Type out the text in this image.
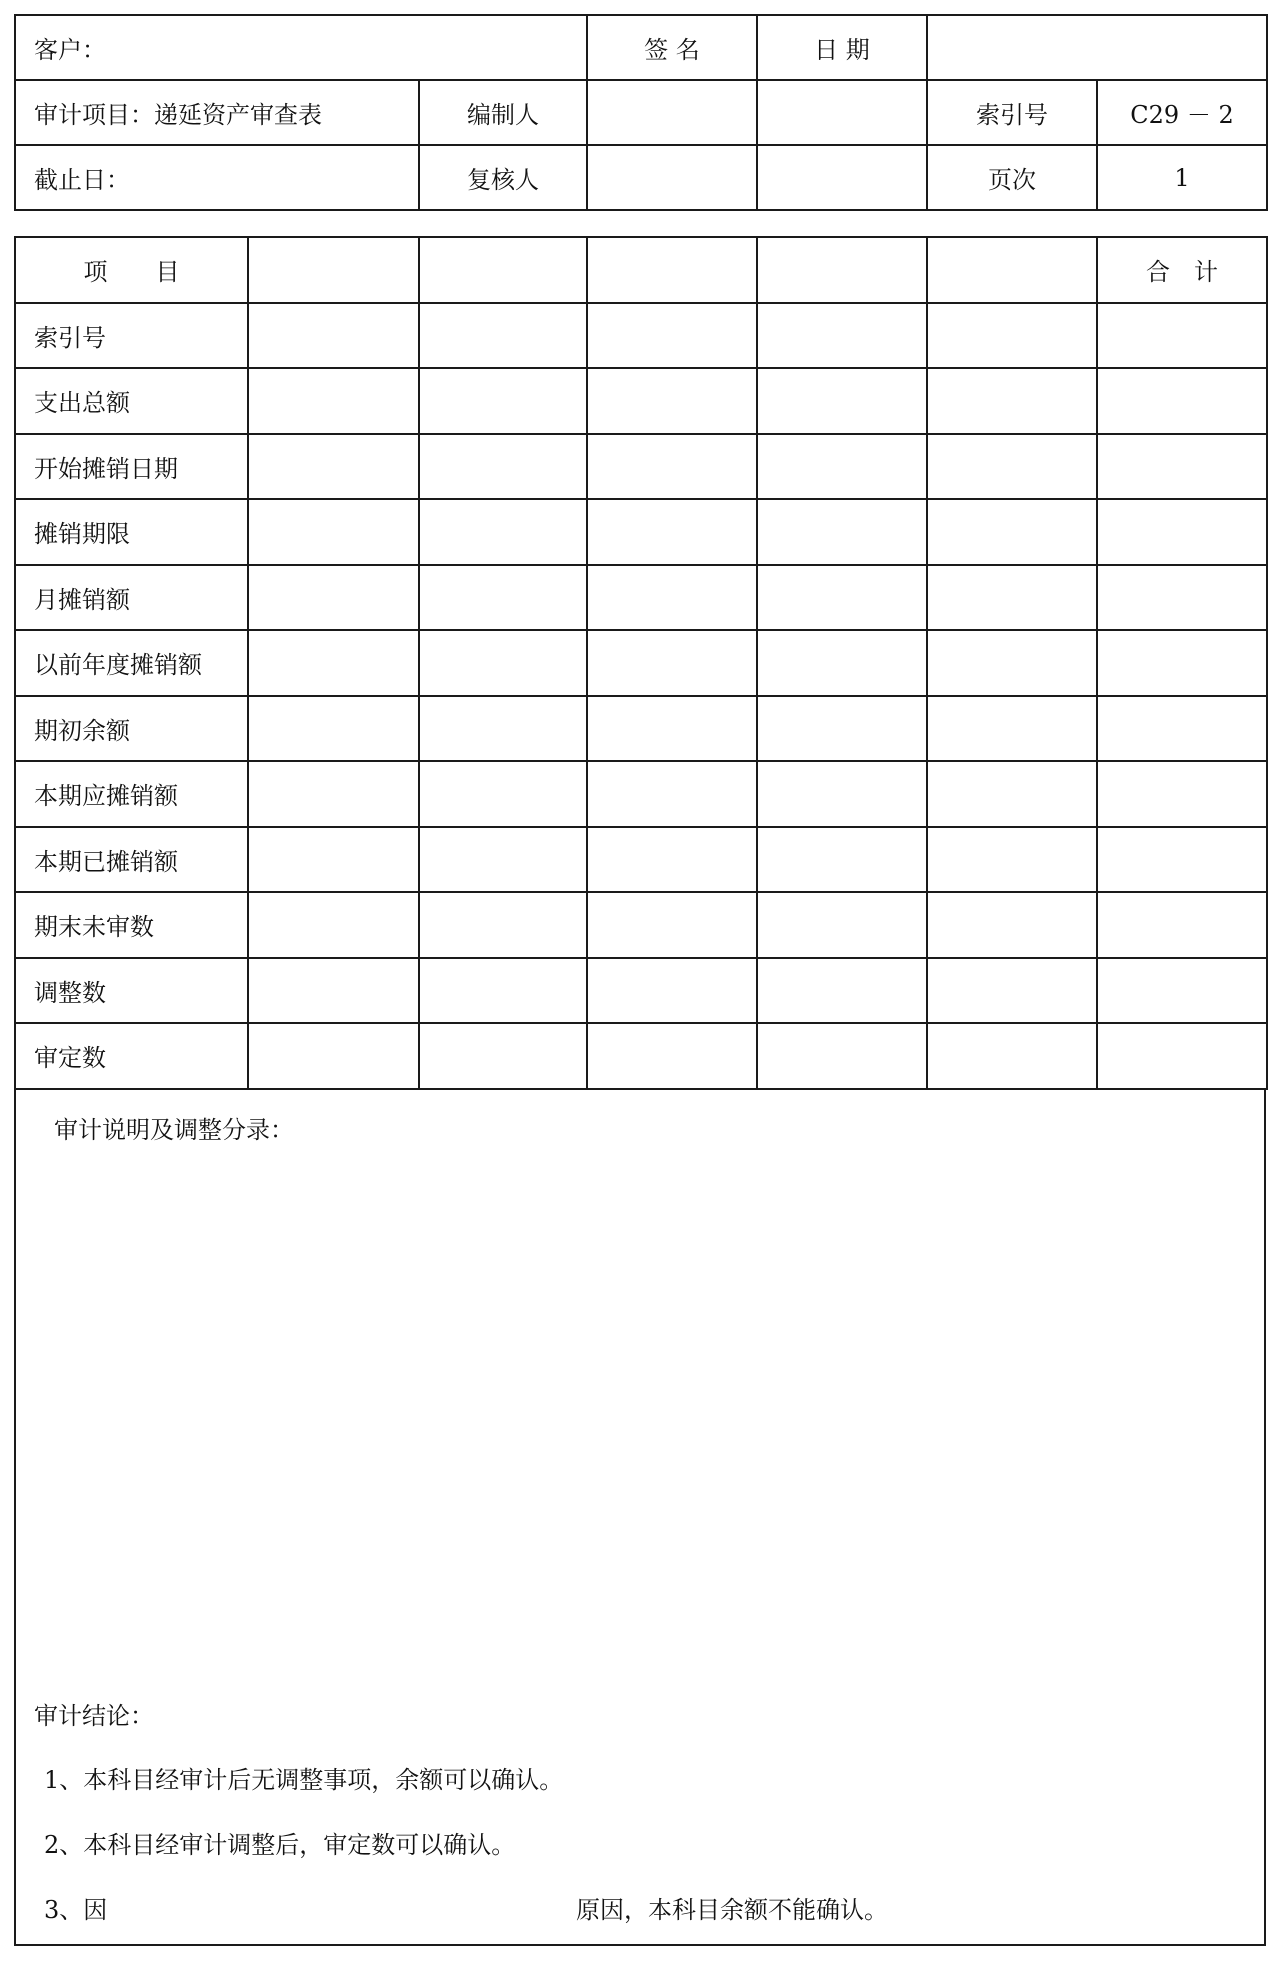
客户：		签 名	日 期		
审计项目：递延资产审查表	编制人			索引号	C29 － 2
截止日：	复核人			页次	1
项　　目						合　计
索引号						
支出总额						
开始摊销日期						
摊销期限						
月摊销额						
以前年度摊销额						
期初余额						
本期应摊销额						
本期已摊销额						
期末未审数						
调整数						
审定数						
审计说明及调整分录：
审计结论：
1、本科目经审计后无调整事项，余额可以确认。
2、本科目经审计调整后，审定数可以确认。
3、因	原因，本科目余额不能确认。
